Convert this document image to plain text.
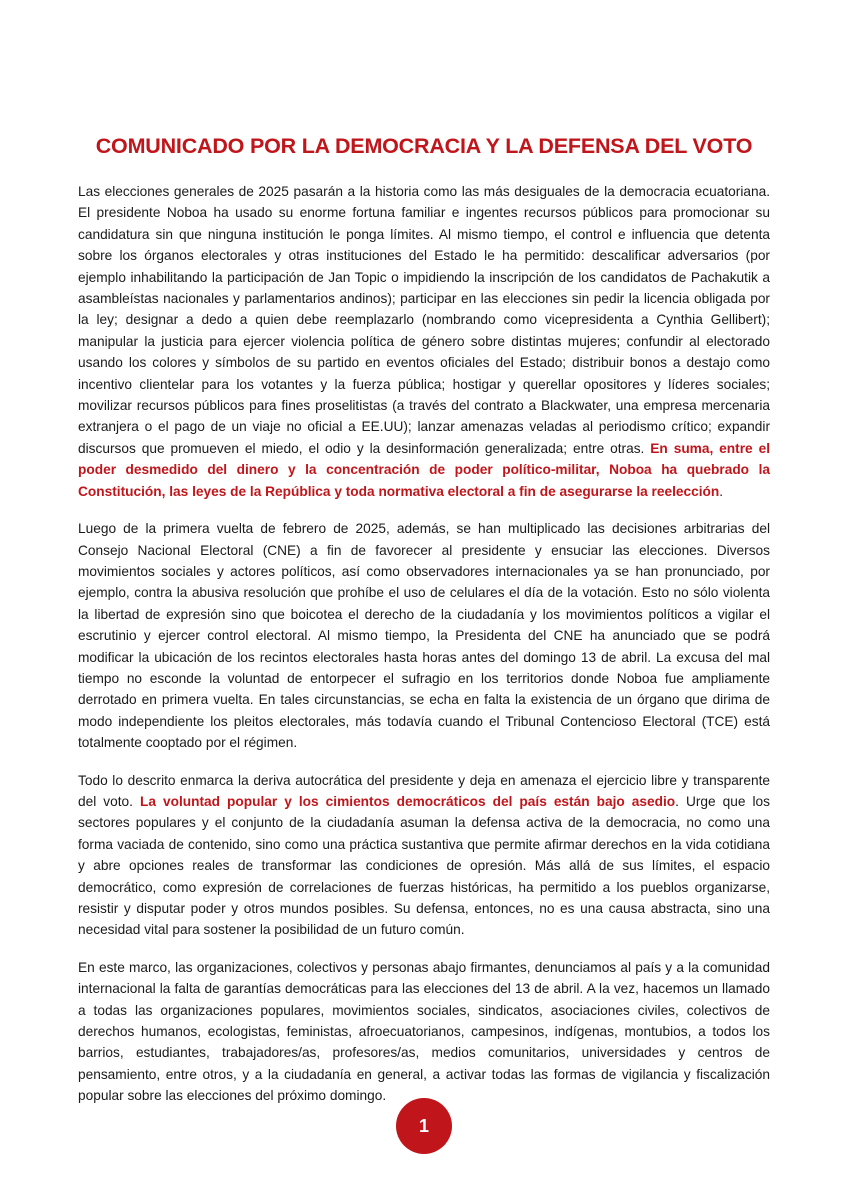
COMUNICADO POR LA DEMOCRACIA Y LA DEFENSA DEL VOTO

Las elecciones generales de 2025 pasarán a la historia como las más desiguales de la democracia ecuatoriana. El presidente Noboa ha usado su enorme fortuna familiar e ingentes recursos públicos para promocionar su candidatura sin que ninguna institución le ponga límites. Al mismo tiempo, el control e influencia que detenta sobre los órganos electorales y otras instituciones del Estado le ha permitido: descalificar adversarios (por ejemplo inhabilitando la participación de Jan Topic o impidiendo la inscripción de los candidatos de Pachakutik a asambleístas nacionales y parlamentarios andinos); participar en las elecciones sin pedir la licencia obligada por la ley; designar a dedo a quien debe reemplazarlo (nombrando como vicepresidenta a Cynthia Gellibert); manipular la justicia para ejercer violencia política de género sobre distintas mujeres; confundir al electorado usando los colores y símbolos de su partido en eventos oficiales del Estado; distribuir bonos a destajo como incentivo clientelar para los votantes y la fuerza pública; hostigar y querellar opositores y líderes sociales; movilizar recursos públicos para fines proselitistas (a través del contrato a Blackwater, una empresa mercenaria extranjera o el pago de un viaje no oficial a EE.UU); lanzar amenazas veladas al periodismo crítico; expandir discursos que promueven el miedo, el odio y la desinformación generalizada; entre otras. En suma, entre el poder desmedido del dinero y la concentración de poder político-militar, Noboa ha quebrado la Constitución, las leyes de la República y toda normativa electoral a fin de asegurarse la reelección.

Luego de la primera vuelta de febrero de 2025, además, se han multiplicado las decisiones arbitrarias del Consejo Nacional Electoral (CNE) a fin de favorecer al presidente y ensuciar las elecciones. Diversos movimientos sociales y actores políticos, así como observadores internacionales ya se han pronunciado, por ejemplo, contra la abusiva resolución que prohíbe el uso de celulares el día de la votación. Esto no sólo violenta la libertad de expresión sino que boicotea el derecho de la ciudadanía y los movimientos políticos a vigilar el escrutinio y ejercer control electoral. Al mismo tiempo, la Presidenta del CNE ha anunciado que se podrá modificar la ubicación de los recintos electorales hasta horas antes del domingo 13 de abril. La excusa del mal tiempo no esconde la voluntad de entorpecer el sufragio en los territorios donde Noboa fue ampliamente derrotado en primera vuelta. En tales circunstancias, se echa en falta la existencia de un órgano que dirima de modo independiente los pleitos electorales, más todavía cuando el Tribunal Contencioso Electoral (TCE) está totalmente cooptado por el régimen.

Todo lo descrito enmarca la deriva autocrática del presidente y deja en amenaza el ejercicio libre y transparente del voto. La voluntad popular y los cimientos democráticos del país están bajo asedio. Urge que los sectores populares y el conjunto de la ciudadanía asuman la defensa activa de la democracia, no como una forma vaciada de contenido, sino como una práctica sustantiva que permite afirmar derechos en la vida cotidiana y abre opciones reales de transformar las condiciones de opresión. Más allá de sus límites, el espacio democrático, como expresión de correlaciones de fuerzas históricas, ha permitido a los pueblos organizarse, resistir y disputar poder y otros mundos posibles. Su defensa, entonces, no es una causa abstracta, sino una necesidad vital para sostener la posibilidad de un futuro común.

En este marco, las organizaciones, colectivos y personas abajo firmantes, denunciamos al país y a la comunidad internacional la falta de garantías democráticas para las elecciones del 13 de abril. A la vez, hacemos un llamado a todas las organizaciones populares, movimientos sociales, sindicatos, asociaciones civiles, colectivos de derechos humanos, ecologistas, feministas, afroecuatorianos, campesinos, indígenas, montubios, a todos los barrios, estudiantes, trabajadores/as, profesores/as, medios comunitarios, universidades y centros de pensamiento, entre otros, y a la ciudadanía en general, a activar todas las formas de vigilancia y fiscalización popular sobre las elecciones del próximo domingo.

1
